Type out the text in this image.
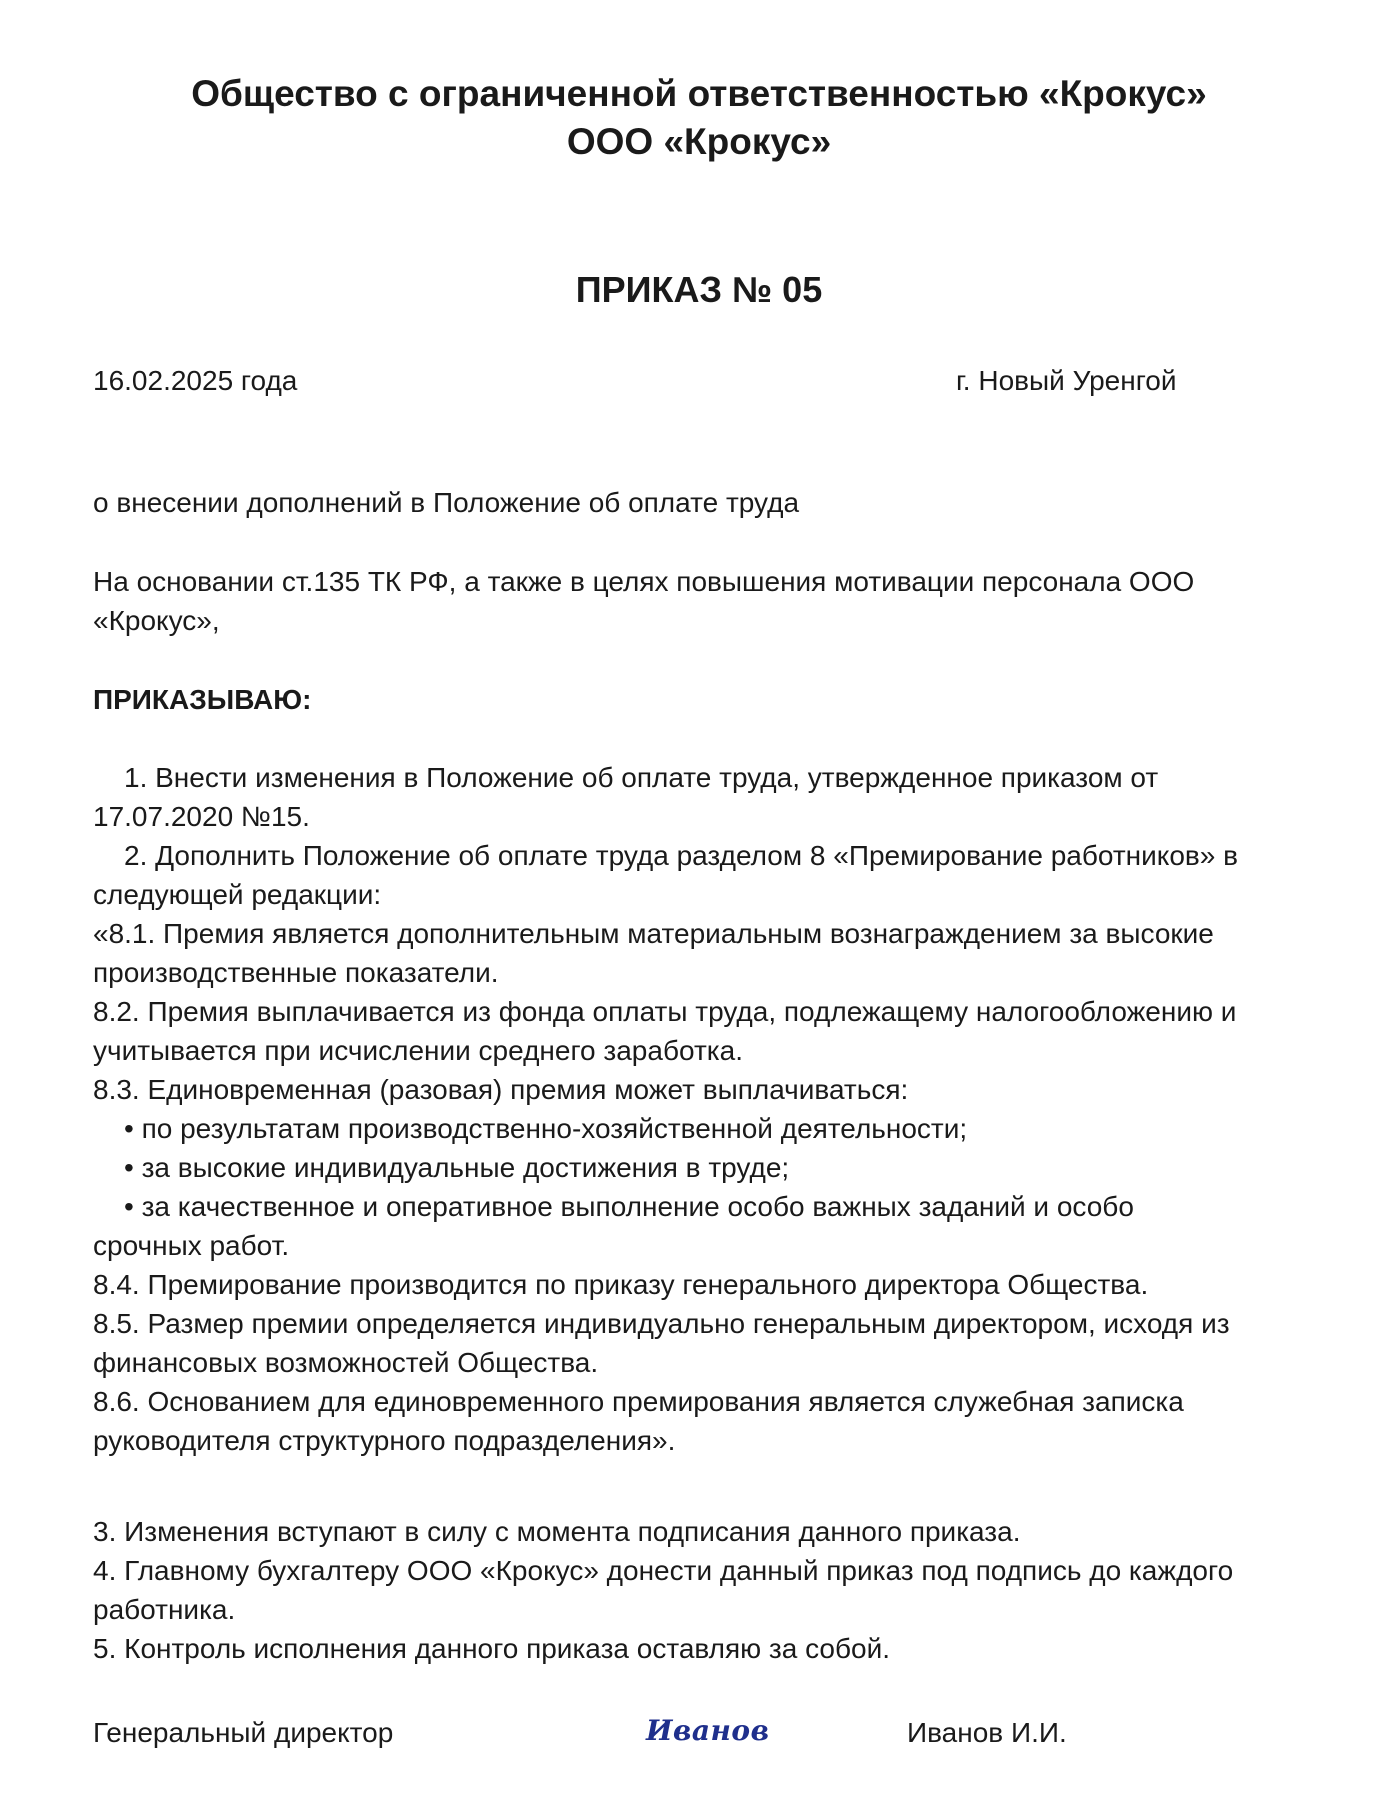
Общество с ограниченной ответственностью «Крокус»
ООО «Крокус»
ПРИКАЗ № 05
16.02.2025 года	г. Новый Уренгой

о внесении дополнений в Положение об оплате труда

На основании ст.135 ТК РФ, а также в целях повышения мотивации персонала ООО
«Крокус»,

ПРИКАЗЫВАЮ:

1. Внести изменения в Положение об оплате труда, утвержденное приказом от
17.07.2020 №15.
2. Дополнить Положение об оплате труда разделом 8 «Премирование работников» в
следующей редакции:
«8.1. Премия является дополнительным материальным вознаграждением за высокие
производственные показатели.
8.2. Премия выплачивается из фонда оплаты труда, подлежащему налогообложению и
учитывается при исчислении среднего заработка.
8.3. Единовременная (разовая) премия может выплачиваться:
• по результатам производственно-хозяйственной деятельности;
• за высокие индивидуальные достижения в труде;
• за качественное и оперативное выполнение особо важных заданий и особо
срочных работ.
8.4. Премирование производится по приказу генерального директора Общества.
8.5. Размер премии определяется индивидуально генеральным директором, исходя из
финансовых возможностей Общества.
8.6. Основанием для единовременного премирования является служебная записка
руководителя структурного подразделения».
3. Изменения вступают в силу с момента подписания данного приказа.
4. Главному бухгалтеру ООО «Крокус» донести данный приказ под подпись до каждого
работника.
5. Контроль исполнения данного приказа оставляю за собой.
Генеральный директор	Иванов	Иванов И.И.
